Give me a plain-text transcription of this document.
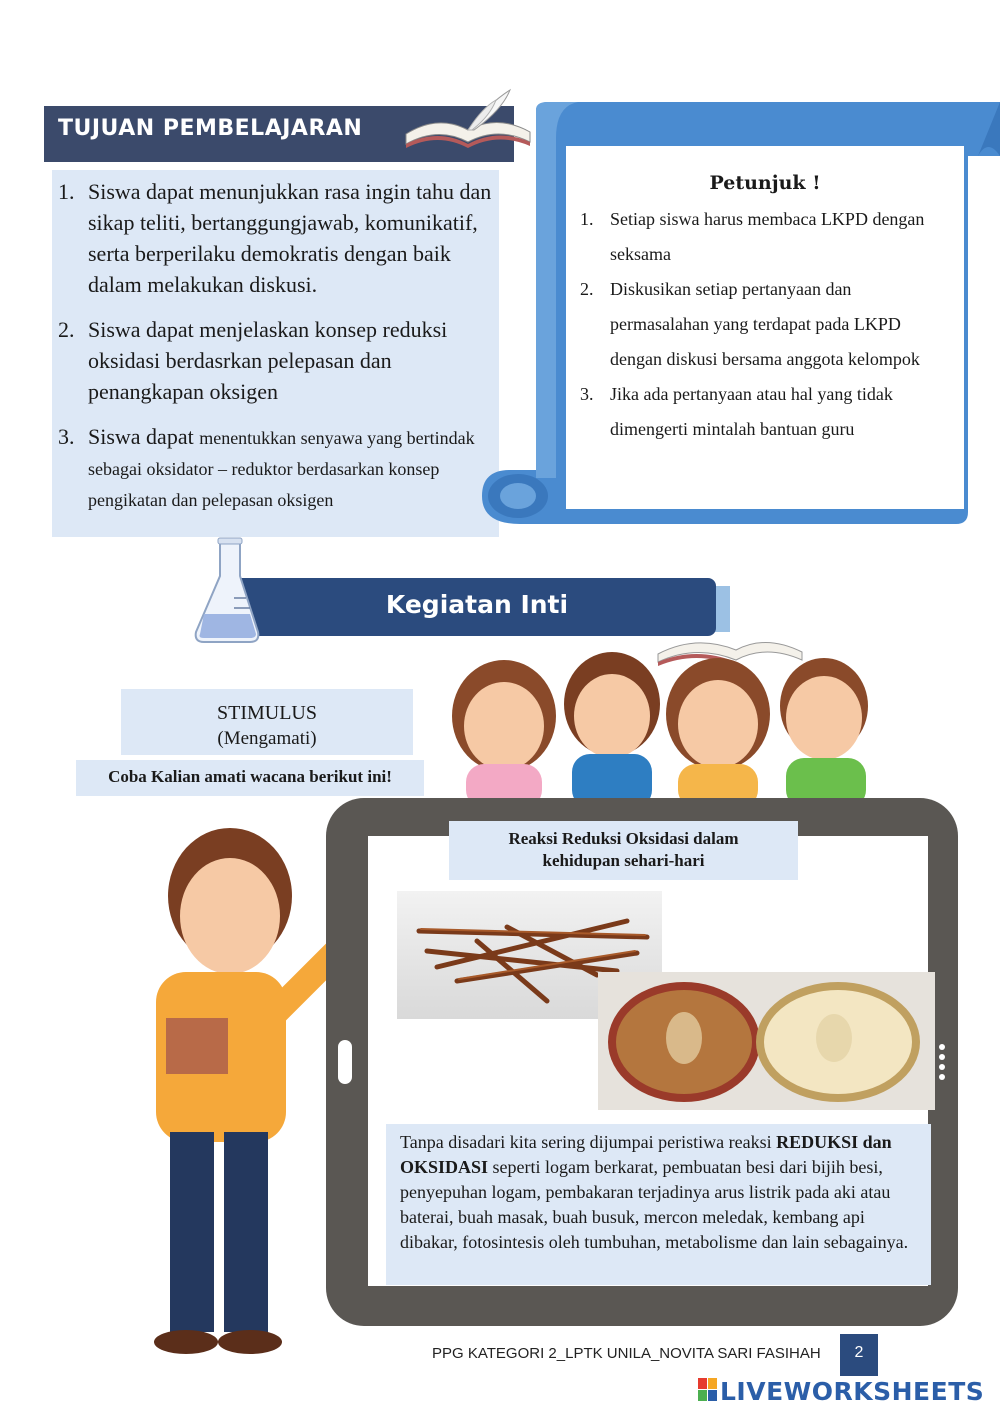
TUJUAN PEMBELAJARAN
1. Siswa dapat menunjukkan rasa ingin tahu dan sikap teliti, bertanggungjawab, komunikatif, serta berperilaku demokratis dengan baik dalam melakukan diskusi.
2. Siswa dapat menjelaskan konsep reduksi oksidasi berdasrkan pelepasan dan penangkapan oksigen
3. Siswa dapat menentukkan senyawa yang bertindak sebagai oksidator – reduktor berdasarkan konsep pengikatan dan pelepasan oksigen
Petunjuk !
1. Setiap siswa harus membaca LKPD dengan seksama
2. Diskusikan setiap pertanyaan dan permasalahan yang terdapat pada LKPD dengan diskusi bersama anggota kelompok
3. Jika ada pertanyaan atau hal yang tidak dimengerti mintalah bantuan guru
Kegiatan Inti
STIMULUS
(Mengamati)
Coba Kalian amati wacana berikut ini!
Reaksi Reduksi Oksidasi dalam
kehidupan sehari-hari
Tanpa disadari kita sering dijumpai peristiwa reaksi REDUKSI dan OKSIDASI seperti logam berkarat, pembuatan besi dari bijih besi, penyepuhan logam, pembakaran terjadinya arus listrik pada aki atau baterai, buah masak, buah busuk, mercon meledak, kembang api dibakar, fotosintesis oleh tumbuhan, metabolisme dan lain sebagainya.
PPG KATEGORI 2_LPTK UNILA_NOVITA SARI FASIHAH	2
LIVEWORKSHEETS
